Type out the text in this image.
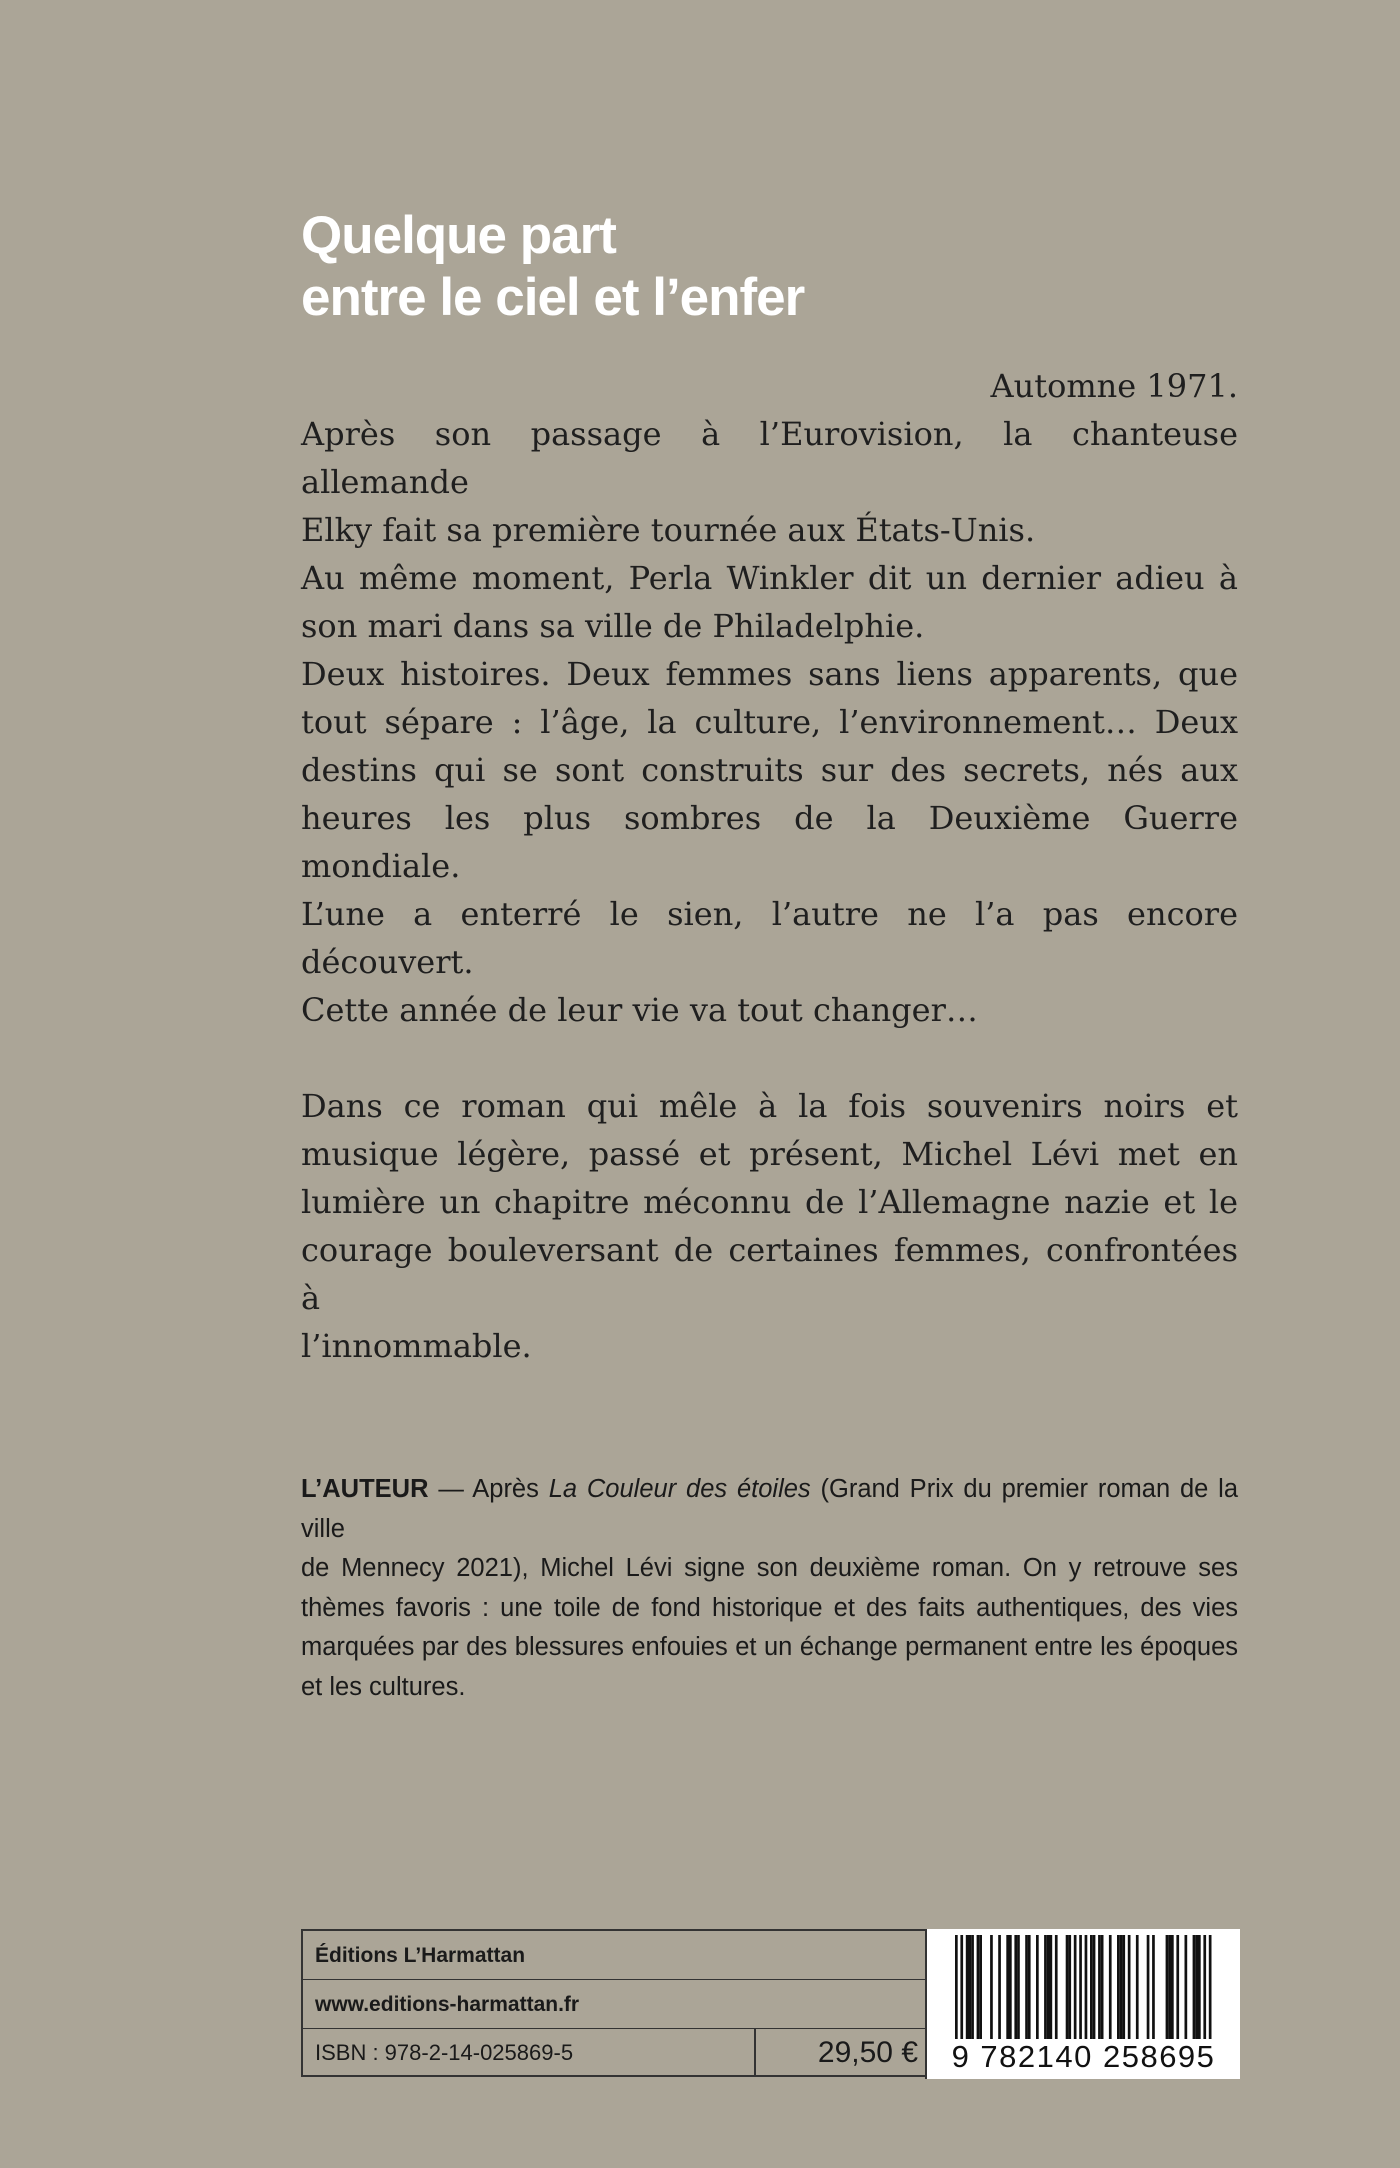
Quelque part
entre le ciel et l’enfer
Automne 1971.
Après son passage à l’Eurovision, la chanteuse allemande
Elky fait sa première tournée aux États-Unis.
Au même moment, Perla Winkler dit un dernier adieu à
son mari dans sa ville de Philadelphie.
Deux histoires. Deux femmes sans liens apparents, que
tout sépare : l’âge, la culture, l’environnement… Deux
destins qui se sont construits sur des secrets, nés aux
heures les plus sombres de la Deuxième Guerre mondiale.
L’une a enterré le sien, l’autre ne l’a pas encore découvert.
Cette année de leur vie va tout changer…
Dans ce roman qui mêle à la fois souvenirs noirs et
musique légère, passé et présent, Michel Lévi met en
lumière un chapitre méconnu de l’Allemagne nazie et le
courage bouleversant de certaines femmes, confrontées à
l’innommable.
L’AUTEUR — Après La Couleur des étoiles (Grand Prix du premier roman de la ville
de Mennecy 2021), Michel Lévi signe son deuxième roman. On y retrouve ses
thèmes favoris : une toile de fond historique et des faits authentiques, des vies
marquées par des blessures enfouies et un échange permanent entre les époques
et les cultures.
Éditions L’Harmattan
www.editions-harmattan.fr
ISBN : 978-2-14-025869-5	29,50 €	9 782140 258695
